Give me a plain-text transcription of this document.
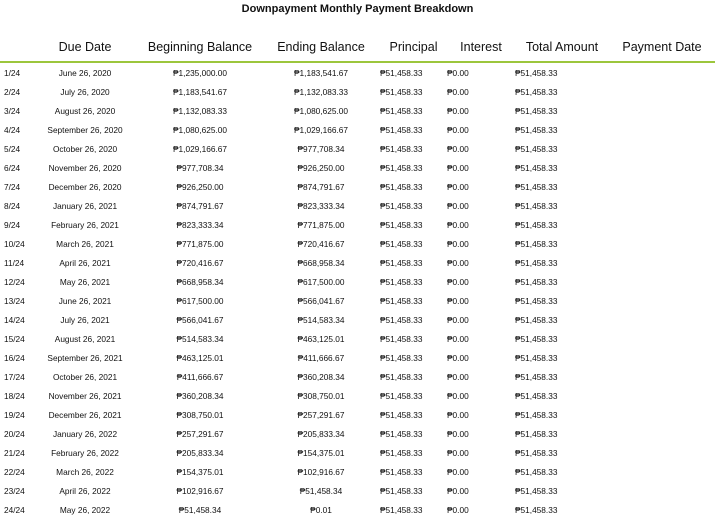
Downpayment Monthly Payment Breakdown
	Due Date	Beginning Balance	Ending Balance	Principal	Interest	Total Amount	Payment Date
1/24	June 26, 2020	₱1,235,000.00	₱1,183,541.67	₱51,458.33	₱0.00	₱51,458.33	
2/24	July 26, 2020	₱1,183,541.67	₱1,132,083.33	₱51,458.33	₱0.00	₱51,458.33	
3/24	August 26, 2020	₱1,132,083.33	₱1,080,625.00	₱51,458.33	₱0.00	₱51,458.33	
4/24	September 26, 2020	₱1,080,625.00	₱1,029,166.67	₱51,458.33	₱0.00	₱51,458.33	
5/24	October 26, 2020	₱1,029,166.67	₱977,708.34	₱51,458.33	₱0.00	₱51,458.33	
6/24	November 26, 2020	₱977,708.34	₱926,250.00	₱51,458.33	₱0.00	₱51,458.33	
7/24	December 26, 2020	₱926,250.00	₱874,791.67	₱51,458.33	₱0.00	₱51,458.33	
8/24	January 26, 2021	₱874,791.67	₱823,333.34	₱51,458.33	₱0.00	₱51,458.33	
9/24	February 26, 2021	₱823,333.34	₱771,875.00	₱51,458.33	₱0.00	₱51,458.33	
10/24	March 26, 2021	₱771,875.00	₱720,416.67	₱51,458.33	₱0.00	₱51,458.33	
11/24	April 26, 2021	₱720,416.67	₱668,958.34	₱51,458.33	₱0.00	₱51,458.33	
12/24	May 26, 2021	₱668,958.34	₱617,500.00	₱51,458.33	₱0.00	₱51,458.33	
13/24	June 26, 2021	₱617,500.00	₱566,041.67	₱51,458.33	₱0.00	₱51,458.33	
14/24	July 26, 2021	₱566,041.67	₱514,583.34	₱51,458.33	₱0.00	₱51,458.33	
15/24	August 26, 2021	₱514,583.34	₱463,125.01	₱51,458.33	₱0.00	₱51,458.33	
16/24	September 26, 2021	₱463,125.01	₱411,666.67	₱51,458.33	₱0.00	₱51,458.33	
17/24	October 26, 2021	₱411,666.67	₱360,208.34	₱51,458.33	₱0.00	₱51,458.33	
18/24	November 26, 2021	₱360,208.34	₱308,750.01	₱51,458.33	₱0.00	₱51,458.33	
19/24	December 26, 2021	₱308,750.01	₱257,291.67	₱51,458.33	₱0.00	₱51,458.33	
20/24	January 26, 2022	₱257,291.67	₱205,833.34	₱51,458.33	₱0.00	₱51,458.33	
21/24	February 26, 2022	₱205,833.34	₱154,375.01	₱51,458.33	₱0.00	₱51,458.33	
22/24	March 26, 2022	₱154,375.01	₱102,916.67	₱51,458.33	₱0.00	₱51,458.33	
23/24	April 26, 2022	₱102,916.67	₱51,458.34	₱51,458.33	₱0.00	₱51,458.33	
24/24	May 26, 2022	₱51,458.34	₱0.01	₱51,458.33	₱0.00	₱51,458.33	
